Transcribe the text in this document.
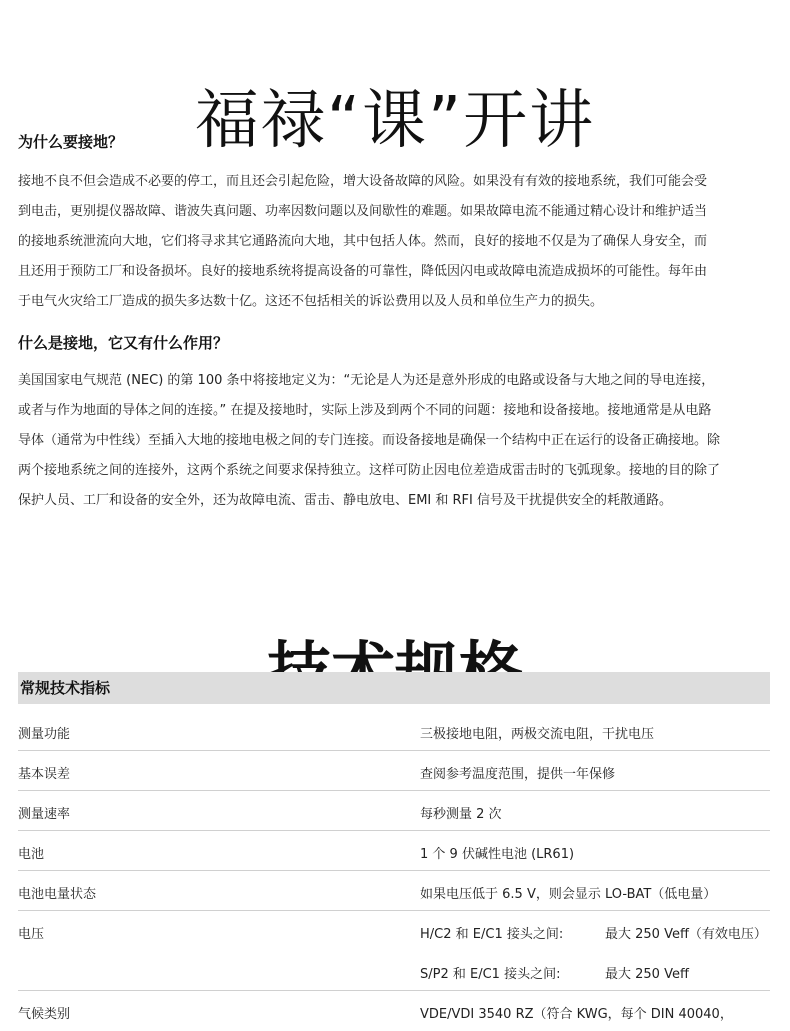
福禄“课”开讲
为什么要接地？
接地不良不但会造成不必要的停工，而且还会引起危险，增大设备故障的风险。如果没有有效的接地系统，我们可能会受
到电击，更别提仪器故障、谐波失真问题、功率因数问题以及间歇性的难题。如果故障电流不能通过精心设计和维护适当
的接地系统泄流向大地，它们将寻求其它通路流向大地，其中包括人体。然而，良好的接地不仅是为了确保人身安全，而
且还用于预防工厂和设备损坏。良好的接地系统将提高设备的可靠性，降低因闪电或故障电流造成损坏的可能性。每年由
于电气火灾给工厂造成的损失多达数十亿。这还不包括相关的诉讼费用以及人员和单位生产力的损失。
什么是接地，它又有什么作用？
美国国家电气规范 (NEC) 的第 100 条中将接地定义为：“无论是人为还是意外形成的电路或设备与大地之间的导电连接，
或者与作为地面的导体之间的连接。” 在提及接地时，实际上涉及到两个不同的问题：接地和设备接地。接地通常是从电路
导体（通常为中性线）至插入大地的接地电极之间的专门连接。而设备接地是确保一个结构中正在运行的设备正确接地。除
两个接地系统之间的连接外，这两个系统之间要求保持独立。这样可防止因电位差造成雷击时的飞弧现象。接地的目的除了
保护人员、工厂和设备的安全外，还为故障电流、雷击、静电放电、EMI 和 RFI 信号及干扰提供安全的耗散通路。
常规技术指标
测量功能	三极接地电阻，两极交流电阻，干扰电压
基本误差	查阅参考温度范围，提供一年保修
测量速率	每秒测量 2 次
电池	1 个 9 伏碱性电池 (LR61)
电池电量状态	如果电压低于 6.5 V，则会显示 LO-BAT（低电量）
电压	H/C2 和 E/C1 接头之间:	最大 250 Veff（有效电压）
S/P2 和 E/C1 接头之间:	最大 250 Veff
气候类别	VDE/VDI 3540 RZ（符合 KWG，每个 DIN 40040，
